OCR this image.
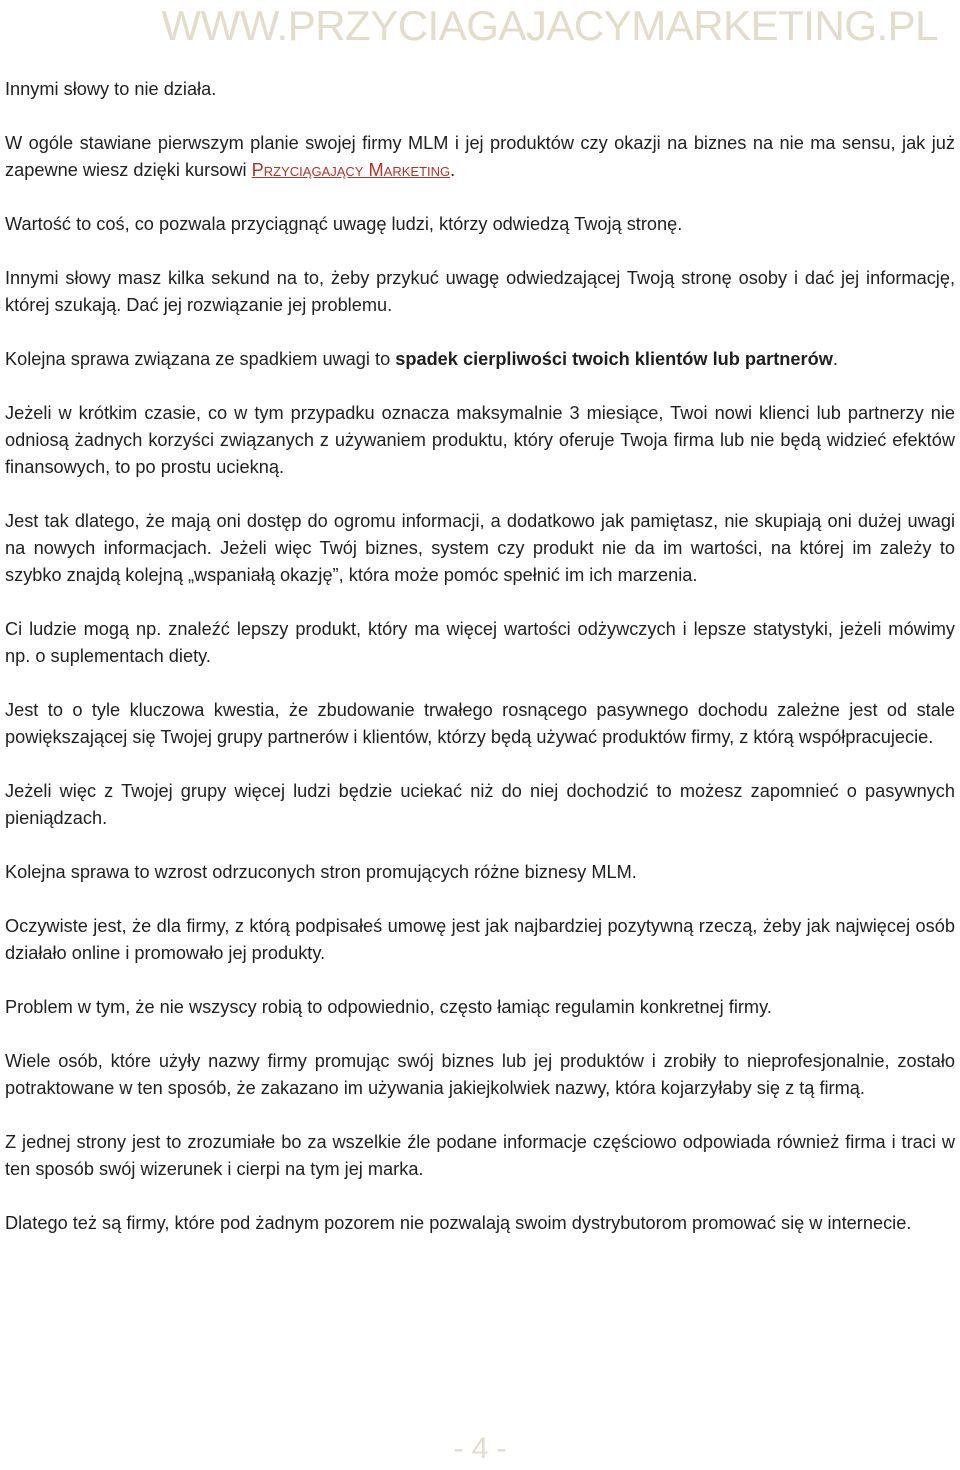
WWW.PRZYCIAGAJACYMARKETING.PL

Innymi słowy to nie działa.

W ogóle stawiane pierwszym planie swojej firmy MLM i jej produktów czy okazji na biznes na nie ma sensu, jak już zapewne wiesz dzięki kursowi Przyciągający Marketing.

Wartość to coś, co pozwala przyciągnąć uwagę ludzi, którzy odwiedzą Twoją stronę.

Innymi słowy masz kilka sekund na to, żeby przykuć uwagę odwiedzającej Twoją stronę osoby i dać jej informację, której szukają. Dać jej rozwiązanie jej problemu.

Kolejna sprawa związana ze spadkiem uwagi to spadek cierpliwości twoich klientów lub partnerów.

Jeżeli w krótkim czasie, co w tym przypadku oznacza maksymalnie 3 miesiące, Twoi nowi klienci lub partnerzy nie odniosą żadnych korzyści związanych z używaniem produktu, który oferuje Twoja firma lub nie będą widzieć efektów finansowych, to po prostu uciekną.

Jest tak dlatego, że mają oni dostęp do ogromu informacji, a dodatkowo jak pamiętasz, nie skupiają oni dużej uwagi na nowych informacjach. Jeżeli więc Twój biznes, system czy produkt nie da im wartości, na której im zależy to szybko znajdą kolejną „wspaniałą okazję”, która może pomóc spełnić im ich marzenia.

Ci ludzie mogą np. znaleźć lepszy produkt, który ma więcej wartości odżywczych i lepsze statystyki, jeżeli mówimy np. o suplementach diety.

Jest to o tyle kluczowa kwestia, że zbudowanie trwałego rosnącego pasywnego dochodu zależne jest od stale powiększającej się Twojej grupy partnerów i klientów, którzy będą używać produktów firmy, z którą współpracujecie.

Jeżeli więc z Twojej grupy więcej ludzi będzie uciekać niż do niej dochodzić to możesz zapomnieć o pasywnych pieniądzach.

Kolejna sprawa to wzrost odrzuconych stron promujących różne biznesy MLM.

Oczywiste jest, że dla firmy, z którą podpisałeś umowę jest jak najbardziej pozytywną rzeczą, żeby jak najwięcej osób działało online i promowało jej produkty.

Problem w tym, że nie wszyscy robią to odpowiednio, często łamiąc regulamin konkretnej firmy.

Wiele osób, które użyły nazwy firmy promując swój biznes lub jej produktów i zrobiły to nieprofesjonalnie, zostało potraktowane w ten sposób, że zakazano im używania jakiejkolwiek nazwy, która kojarzyłaby się z tą firmą.

Z jednej strony jest to zrozumiałe bo za wszelkie źle podane informacje częściowo odpowiada również firma i traci w ten sposób swój wizerunek i cierpi na tym jej marka.

Dlatego też są firmy, które pod żadnym pozorem nie pozwalają swoim dystrybutorom promować się w internecie.

- 4 -
